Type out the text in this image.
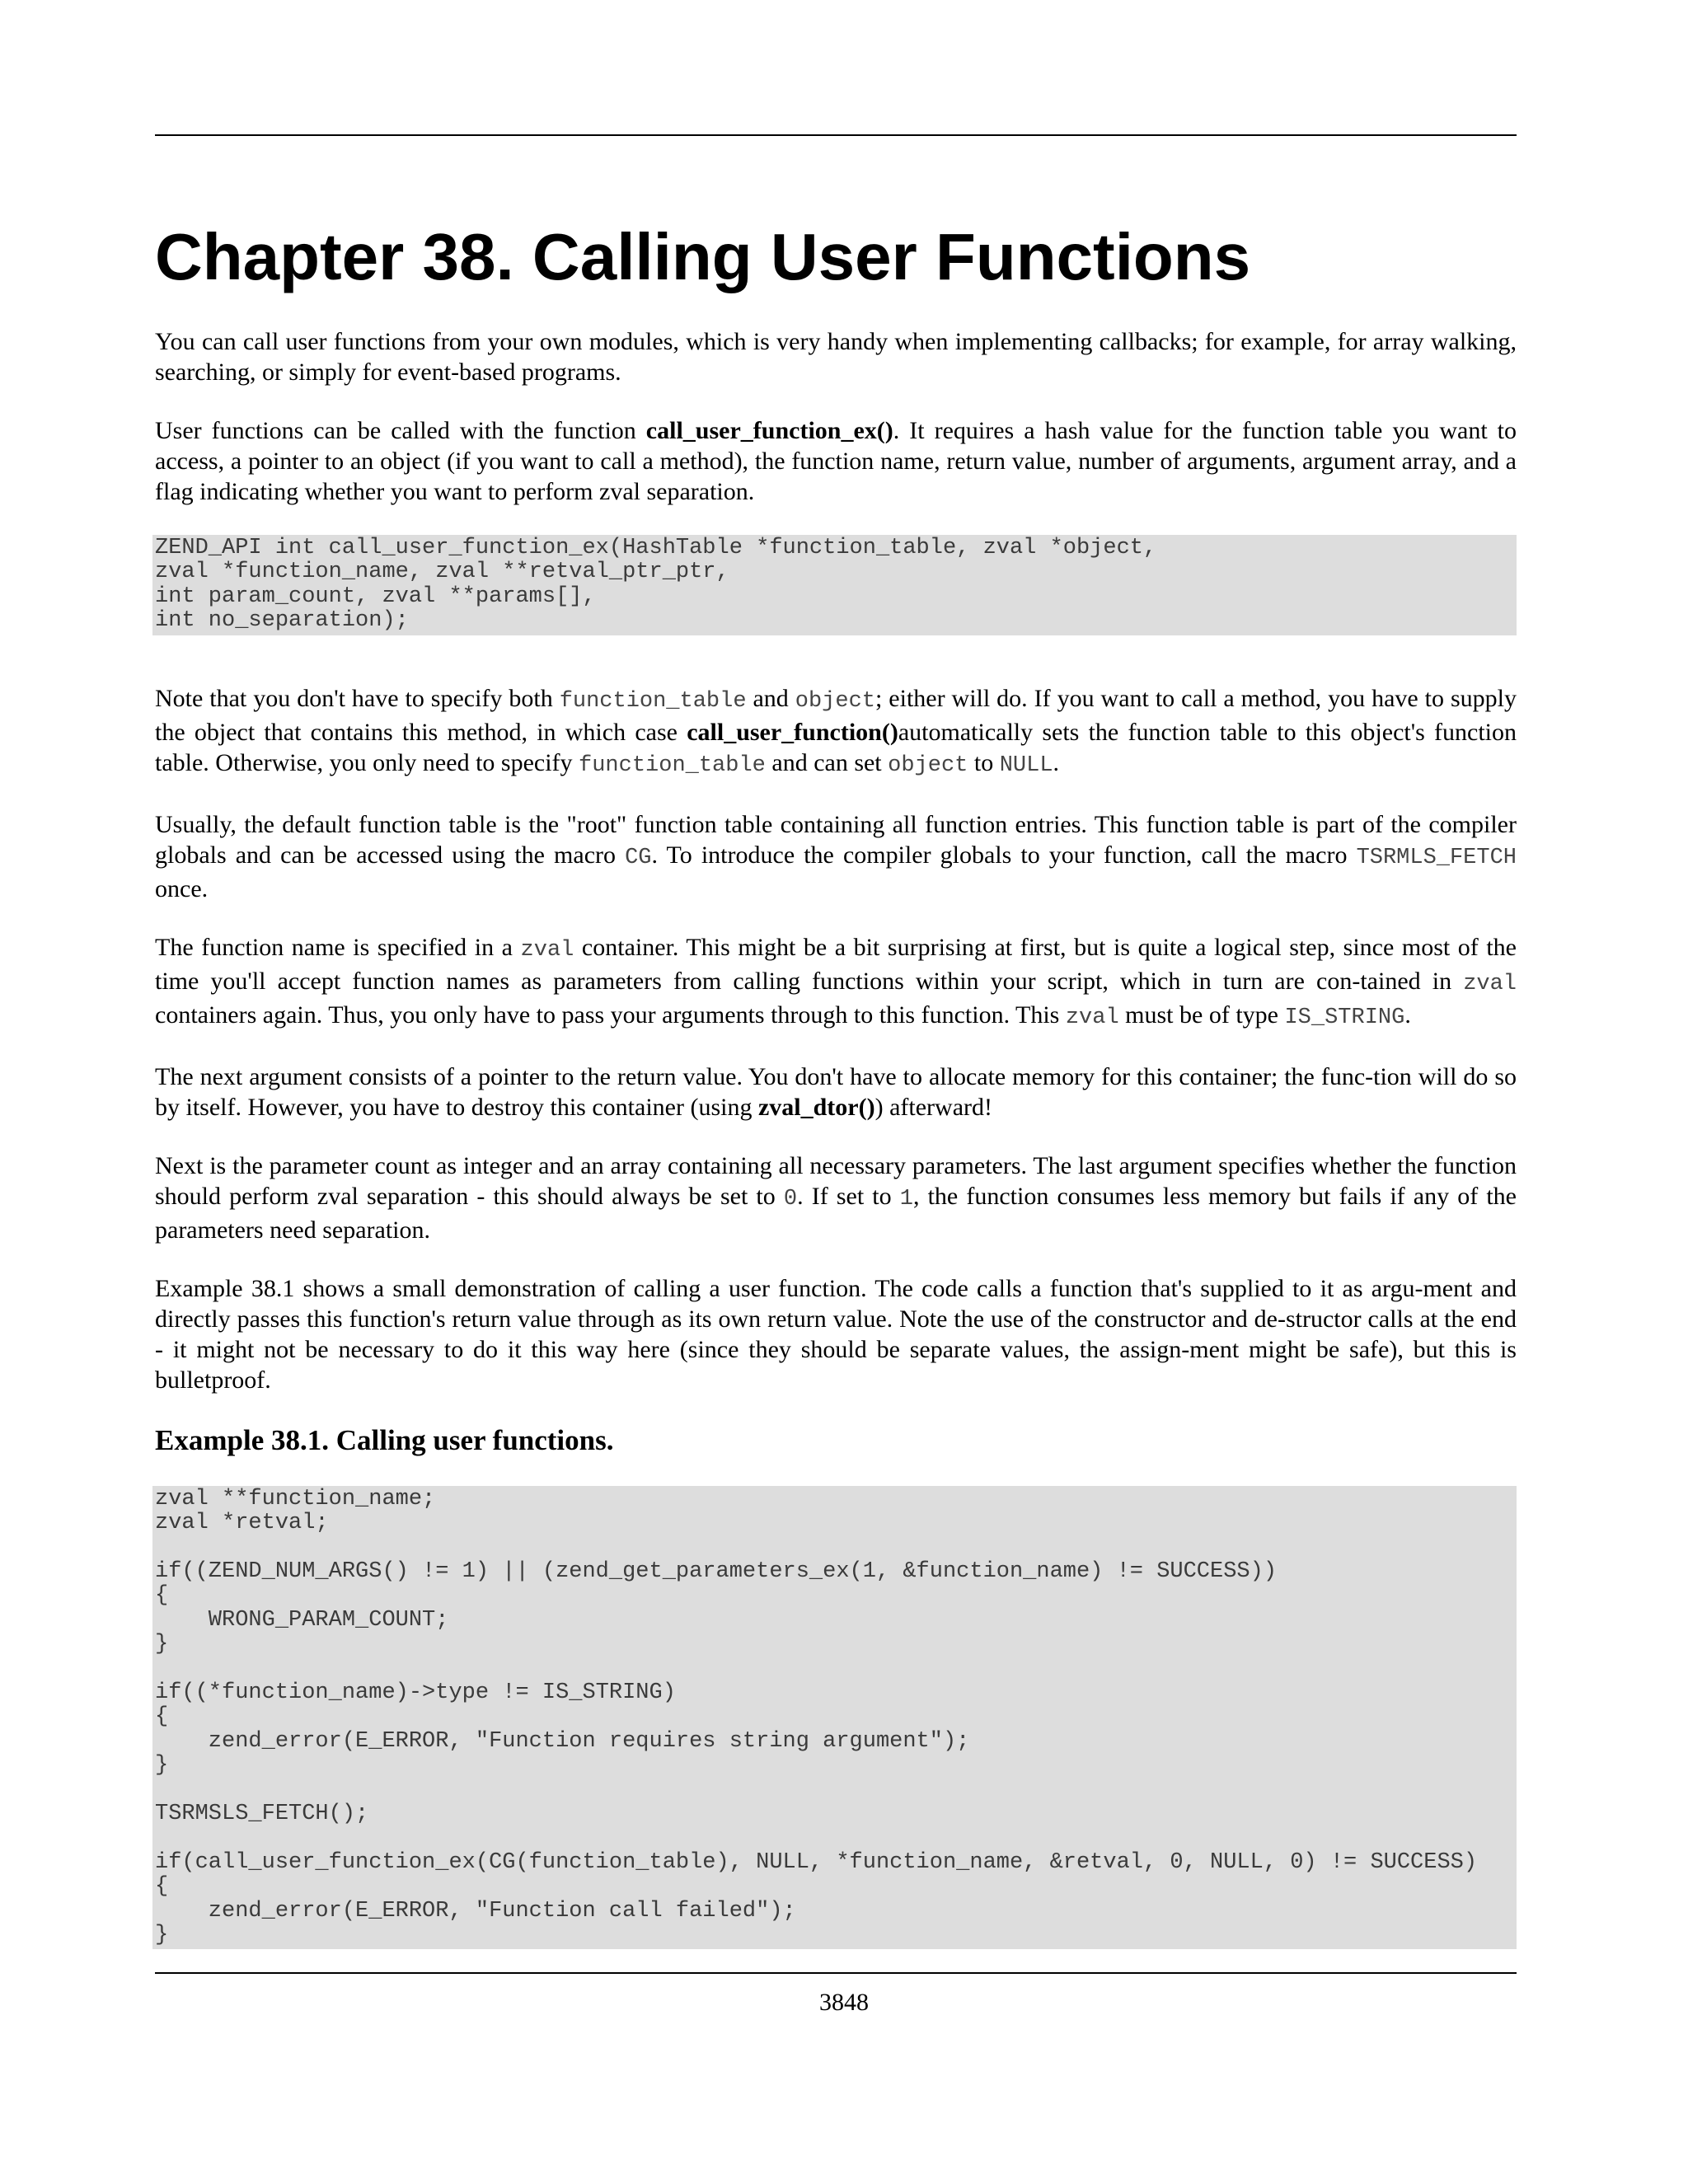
Chapter 38. Calling User Functions

You can call user functions from your own modules, which is very handy when implementing callbacks; for example, for array walking, searching, or simply for event-based programs.

User functions can be called with the function call_user_function_ex(). It requires a hash value for the function table you want to access, a pointer to an object (if you want to call a method), the function name, return value, number of arguments, argument array, and a flag indicating whether you want to perform zval separation.

ZEND_API int call_user_function_ex(HashTable *function_table, zval *object,
zval *function_name, zval **retval_ptr_ptr,
int param_count, zval **params[],
int no_separation);

Note that you don't have to specify both function_table and object; either will do. If you want to call a method, you have to supply the object that contains this method, in which case call_user_function()automatically sets the function table to this object's function table. Otherwise, you only need to specify function_table and can set object to NULL.

Usually, the default function table is the "root" function table containing all function entries. This function table is part of the compiler globals and can be accessed using the macro CG. To introduce the compiler globals to your function, call the macro TSRMLS_FETCH once.

The function name is specified in a zval container. This might be a bit surprising at first, but is quite a logical step, since most of the time you'll accept function names as parameters from calling functions within your script, which in turn are con-tained in zval containers again. Thus, you only have to pass your arguments through to this function. This zval must be of type IS_STRING.

The next argument consists of a pointer to the return value. You don't have to allocate memory for this container; the func-tion will do so by itself. However, you have to destroy this container (using zval_dtor()) afterward!

Next is the parameter count as integer and an array containing all necessary parameters. The last argument specifies whether the function should perform zval separation - this should always be set to 0. If set to 1, the function consumes less memory but fails if any of the parameters need separation.

Example 38.1 shows a small demonstration of calling a user function. The code calls a function that's supplied to it as argu-ment and directly passes this function's return value through as its own return value. Note the use of the constructor and de-structor calls at the end - it might not be necessary to do it this way here (since they should be separate values, the assign-ment might be safe), but this is bulletproof.

Example 38.1. Calling user functions.
zval **function_name;
zval *retval;

if((ZEND_NUM_ARGS() != 1) || (zend_get_parameters_ex(1, &function_name) != SUCCESS))
{
WRONG_PARAM_COUNT;
}

if((*function_name)->type != IS_STRING)
{
zend_error(E_ERROR, "Function requires string argument");
}

TSRMSLS_FETCH();

if(call_user_function_ex(CG(function_table), NULL, *function_name, &retval, 0, NULL, 0) != SUCCESS)
{
zend_error(E_ERROR, "Function call failed");
}
3848
